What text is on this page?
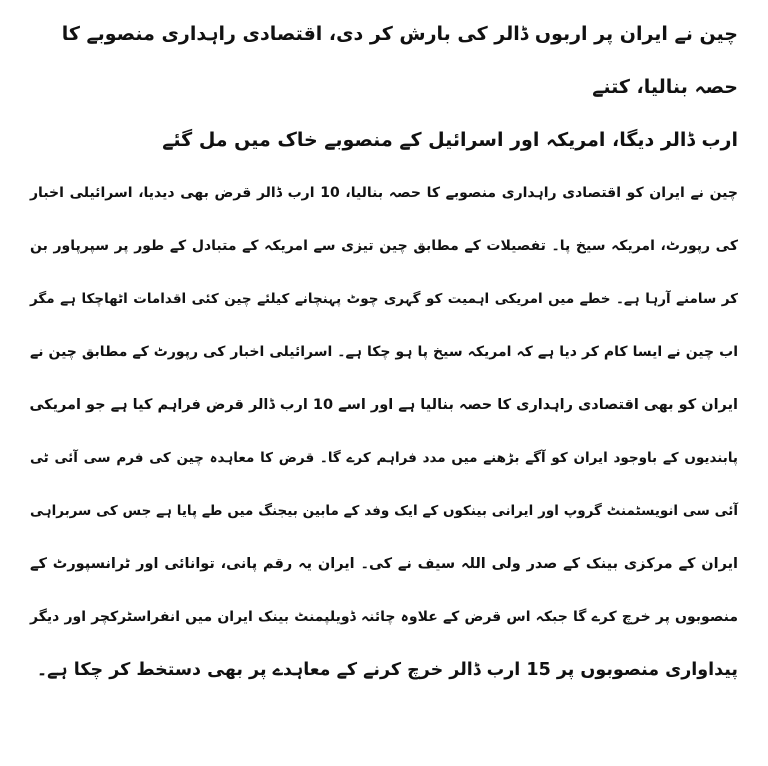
چین نے ایران پر اربوں ڈالر کی بارش کر دی، اقتصادی راہداری منصوبے کا حصہ بنالیا، کتنے

ارب ڈالر دیگا، امریکہ اور اسرائیل کے منصوبے خاک میں مل گئے

چین نے ایران کو اقتصادی راہداری منصوبے کا حصہ بنالیا، 10 ارب ڈالر قرض بھی دیدیا، اسرائیلی اخبار

کی رپورٹ، امریکہ سیخ پا۔ تفصیلات کے مطابق چین تیزی سے امریکہ کے متبادل کے طور پر سپرپاور بن

کر سامنے آرہا ہے۔ خطے میں امریکی اہمیت کو گہری چوٹ پہنچانے کیلئے چین کئی اقدامات اٹھاچکا ہے مگر

اب چین نے ایسا کام کر دیا ہے کہ امریکہ سیخ پا ہو چکا ہے۔ اسرائیلی اخبار کی رپورٹ کے مطابق چین نے

ایران کو بھی اقتصادی راہداری کا حصہ بنالیا ہے اور اسے 10 ارب ڈالر قرض فراہم کیا ہے جو امریکی

پابندیوں کے باوجود ایران کو آگے بڑھنے میں مدد فراہم کرے گا۔ قرض کا معاہدہ چین کی فرم سی آئی ٹی

آئی سی انویسٹمنٹ گروپ اور ایرانی بینکوں کے ایک وفد کے مابین بیجنگ میں طے پایا ہے جس کی سربراہی

ایران کے مرکزی بینک کے صدر ولی اللہ سیف نے کی۔ ایران یہ رقم پانی، توانائی اور ٹرانسپورٹ کے

منصوبوں پر خرچ کرے گا جبکہ اس قرض کے علاوہ چائنہ ڈویلپمنٹ بینک ایران میں انفراسٹرکچر اور دیگر

پیداواری منصوبوں پر 15 ارب ڈالر خرچ کرنے کے معاہدے پر بھی دستخط کر چکا ہے۔
